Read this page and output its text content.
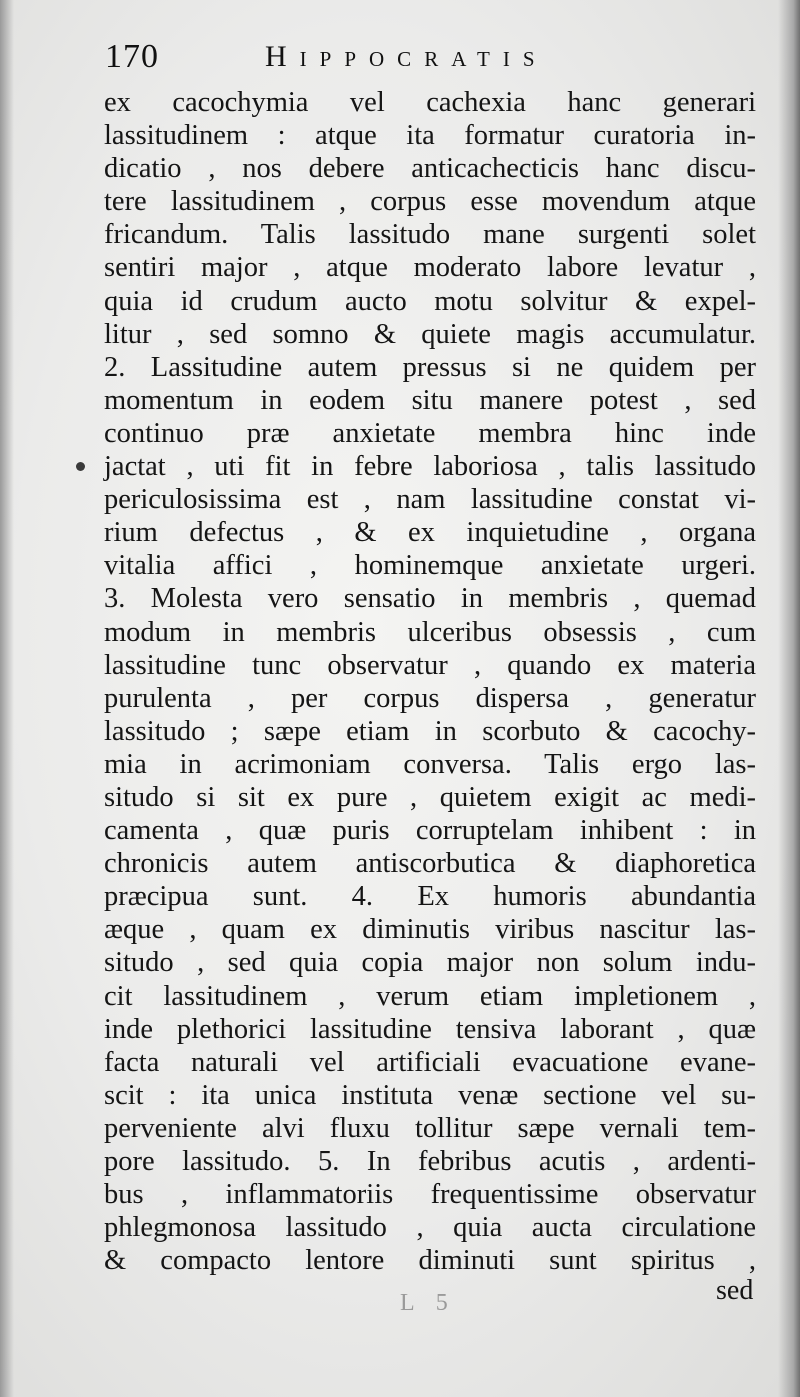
170	Hippocratis
ex cacochymia vel cachexia hanc generari
lassitudinem : atque ita formatur curatoria in-
dicatio , nos debere anticachecticis hanc discu-
tere lassitudinem , corpus esse movendum atque
fricandum. Talis lassitudo mane surgenti solet
sentiri major , atque moderato labore levatur ,
quia id crudum aucto motu solvitur & expel-
litur , sed somno & quiete magis accumulatur.
2. Lassitudine autem pressus si ne quidem per
momentum in eodem situ manere potest , sed
continuo præ anxietate membra hinc inde
jactat , uti fit in febre laboriosa , talis lassitudo
periculosissima est , nam lassitudine constat vi-
rium defectus , & ex inquietudine , organa
vitalia affici , hominemque anxietate urgeri.
3. Molesta vero sensatio in membris , quemad
modum in membris ulceribus obsessis , cum
lassitudine tunc observatur , quando ex materia
purulenta , per corpus dispersa , generatur
lassitudo ; sæpe etiam in scorbuto & cacochy-
mia in acrimoniam conversa. Talis ergo las-
situdo si sit ex pure , quietem exigit ac medi-
camenta , quæ puris corruptelam inhibent : in
chronicis autem antiscorbutica & diaphoretica
præcipua sunt. 4. Ex humoris abundantia
æque , quam ex diminutis viribus nascitur las-
situdo , sed quia copia major non solum indu-
cit lassitudinem , verum etiam impletionem ,
inde plethorici lassitudine tensiva laborant , quæ
facta naturali vel artificiali evacuatione evane-
scit : ita unica instituta venæ sectione vel su-
perveniente alvi fluxu tollitur sæpe vernali tem-
pore lassitudo. 5. In febribus acutis , ardenti-
bus , inflammatoriis frequentissime observatur
phlegmonosa lassitudo , quia aucta circulatione
& compacto lentore diminuti sunt spiritus ,
sed
L 5
